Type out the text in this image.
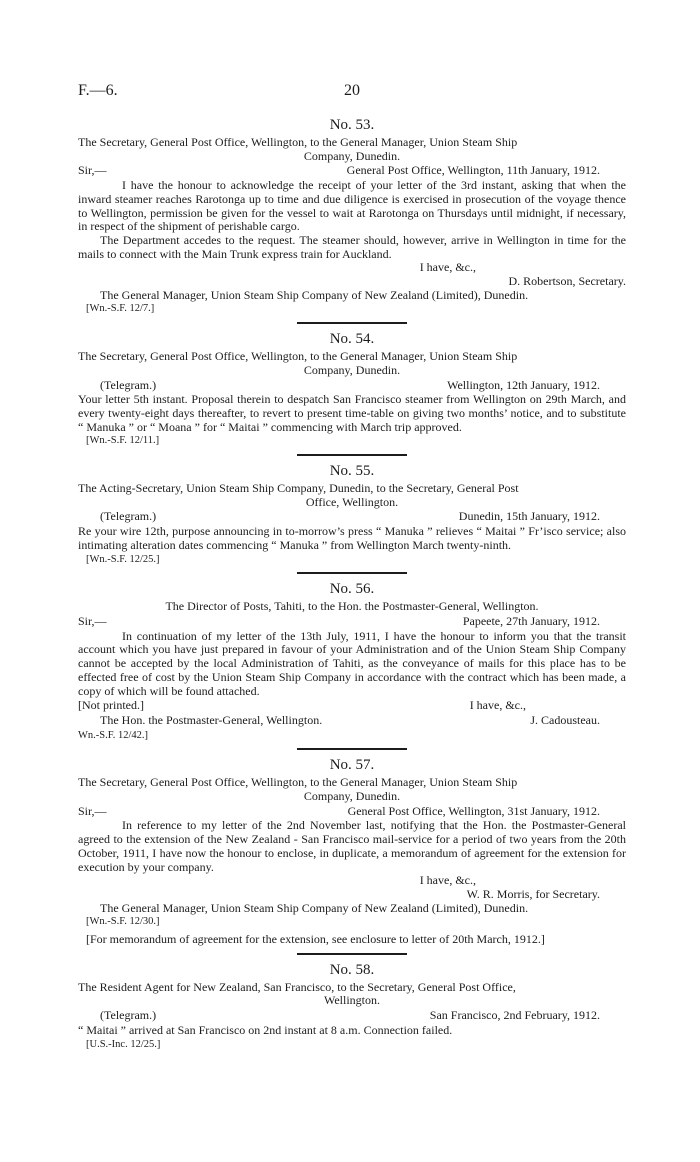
F.—6.	20
No. 53.

The Secretary, General Post Office, Wellington, to the General Manager, Union Steam Ship

Company, Dunedin.

Sir,—	General Post Office, Wellington, 11th January, 1912.

I have the honour to acknowledge the receipt of your letter of the 3rd instant, asking that when the inward steamer reaches Rarotonga up to time and due diligence is exercised in prosecution of the voyage thence to Wellington, permission be given for the vessel to wait at Rarotonga on Thursdays until midnight, if necessary, in respect of the shipment of perishable cargo.

The Department accedes to the request. The steamer should, however, arrive in Wellington in time for the mails to connect with the Main Trunk express train for Auckland.

I have, &c.,

D. Robertson, Secretary.

The General Manager, Union Steam Ship Company of New Zealand (Limited), Dunedin.

[Wn.-S.F. 12/7.]

No. 54.

The Secretary, General Post Office, Wellington, to the General Manager, Union Steam Ship

Company, Dunedin.

(Telegram.)	Wellington, 12th January, 1912.

Your letter 5th instant. Proposal therein to despatch San Francisco steamer from Wellington on 29th March, and every twenty-eight days thereafter, to revert to present time-table on giving two months’ notice, and to substitute “ Manuka ” or “ Moana ” for “ Maitai ” commencing with March trip approved.

[Wn.-S.F. 12/11.]

No. 55.

The Acting-Secretary, Union Steam Ship Company, Dunedin, to the Secretary, General Post

Office, Wellington.

(Telegram.)	Dunedin, 15th January, 1912.

Re your wire 12th, purpose announcing in to-morrow’s press “ Manuka ” relieves “ Maitai ” Fr’isco service; also intimating alteration dates commencing “ Manuka ” from Wellington March twenty-ninth.

[Wn.-S.F. 12/25.]

No. 56.

The Director of Posts, Tahiti, to the Hon. the Postmaster-General, Wellington.

Sir,—	Papeete, 27th January, 1912.

In continuation of my letter of the 13th July, 1911, I have the honour to inform you that the transit account which you have just prepared in favour of your Administration and of the Union Steam Ship Company cannot be accepted by the local Administration of Tahiti, as the conveyance of mails for this place has to be effected free of cost by the Union Steam Ship Company in accordance with the contract which has been made, a copy of which will be found attached.

[Not printed.]	I have, &c.,
The Hon. the Postmaster-General, Wellington.	J. Cadousteau.

Wn.-S.F. 12/42.]

No. 57.

The Secretary, General Post Office, Wellington, to the General Manager, Union Steam Ship

Company, Dunedin.

Sir,—	General Post Office, Wellington, 31st January, 1912.

In reference to my letter of the 2nd November last, notifying that the Hon. the Postmaster-General agreed to the extension of the New Zealand - San Francisco mail-service for a period of two years from the 20th October, 1911, I have now the honour to enclose, in duplicate, a memorandum of agreement for the extension for execution by your company.

I have, &c.,

W. R. Morris, for Secretary.

The General Manager, Union Steam Ship Company of New Zealand (Limited), Dunedin.

[Wn.-S.F. 12/30.]

[For memorandum of agreement for the extension, see enclosure to letter of 20th March, 1912.]

No. 58.

The Resident Agent for New Zealand, San Francisco, to the Secretary, General Post Office,

Wellington.

(Telegram.)	San Francisco, 2nd February, 1912.

“ Maitai ” arrived at San Francisco on 2nd instant at 8 a.m. Connection failed.

[U.S.-Inc. 12/25.]
